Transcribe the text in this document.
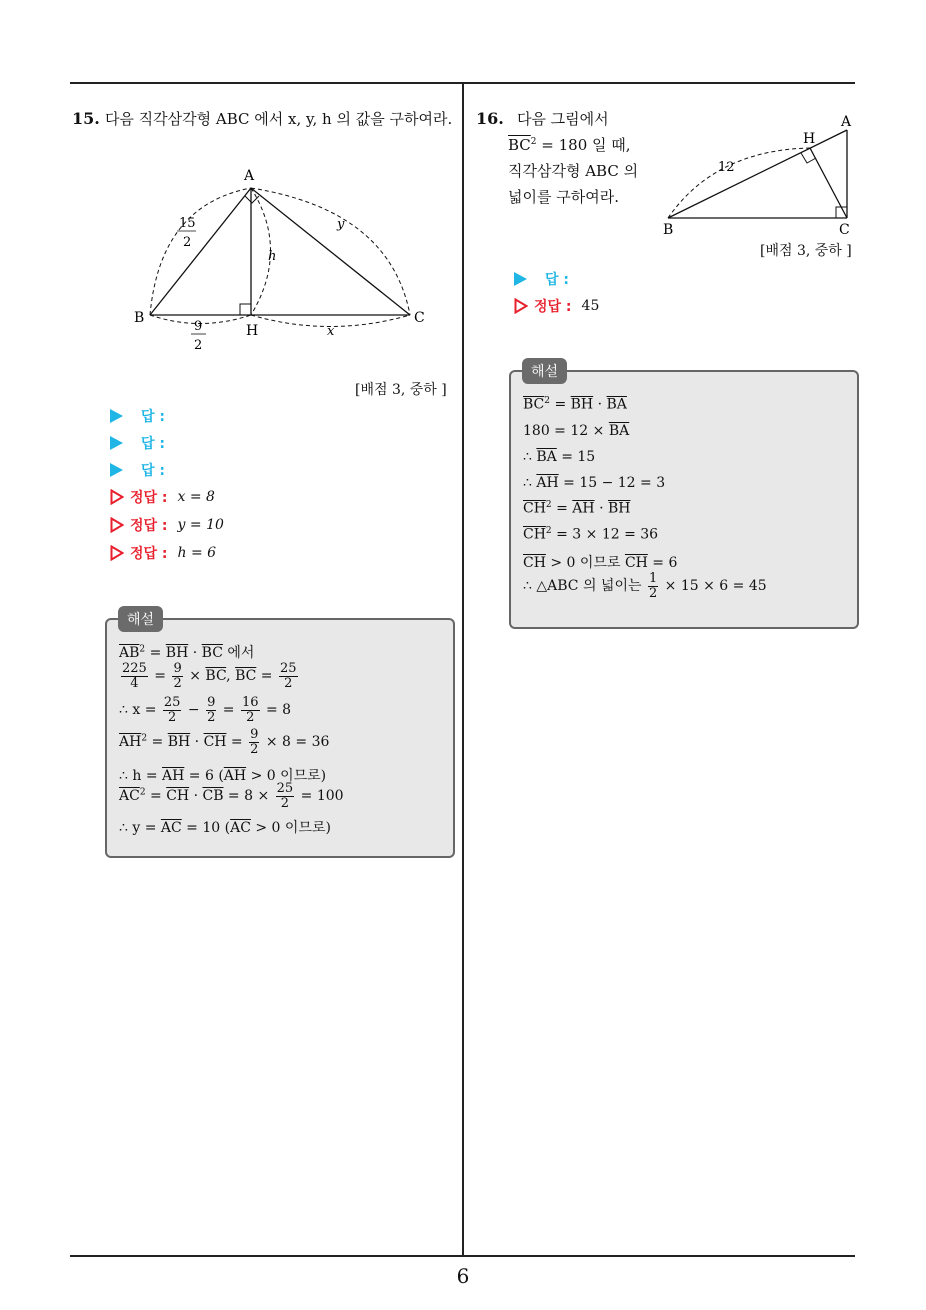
6
15. 다음 직각삼각형 ABC 에서 x, y, h 의 값을 구하여라.
A
B	C
H
15
2
9
2
h
x
y
[배점 3, 중하 ]
답 :
답 :
답 :
정답 : x = 8
정답 : y = 10
정답 : h = 6
$\overline{AB}^2 = \overline{BH} \cdot \overline{BC}$ 에서
$\frac{225}{4} = \frac{9}{2} \times \overline{BC}$, $\overline{BC} = \frac{25}{2}$
∴ $x = \frac{25}{2} - \frac{9}{2} = \frac{16}{2} = 8$
$\overline{AH}^2 = \overline{BH} \cdot \overline{CH} = \frac{9}{2} \times 8 = 36$
∴ $h = \overline{AH} = 6$ ($\overline{AH} > 0$ 이므로)
$\overline{AC}^2 = \overline{CH} \cdot \overline{CB} = 8 \times \frac{25}{2} = 100$
∴ $y = \overline{AC} = 10$ ($\overline{AC} > 0$ 이므로)
해설
16. 다음 그림에서
$\overline{BC}^2 = 180$ 일 때,
직각삼각형 ABC 의
넓이를 구하여라.
A
B	C
H
12
[배점 3, 중하 ]
답 :
정답 : 45
$\overline{BC}^2 = \overline{BH} \cdot \overline{BA}$
$180 = 12 \times \overline{BA}$
∴ $\overline{BA} = 15$
∴ $\overline{AH} = 15 - 12 = 3$
$\overline{CH}^2 = \overline{AH} \cdot \overline{BH}$
$\overline{CH}^2 = 3 \times 12 = 36$
$\overline{CH} > 0$ 이므로 $\overline{CH} = 6$
∴ △ABC 의 넓이는 $\frac{1}{2} \times 15 \times 6 = 45$
해설
